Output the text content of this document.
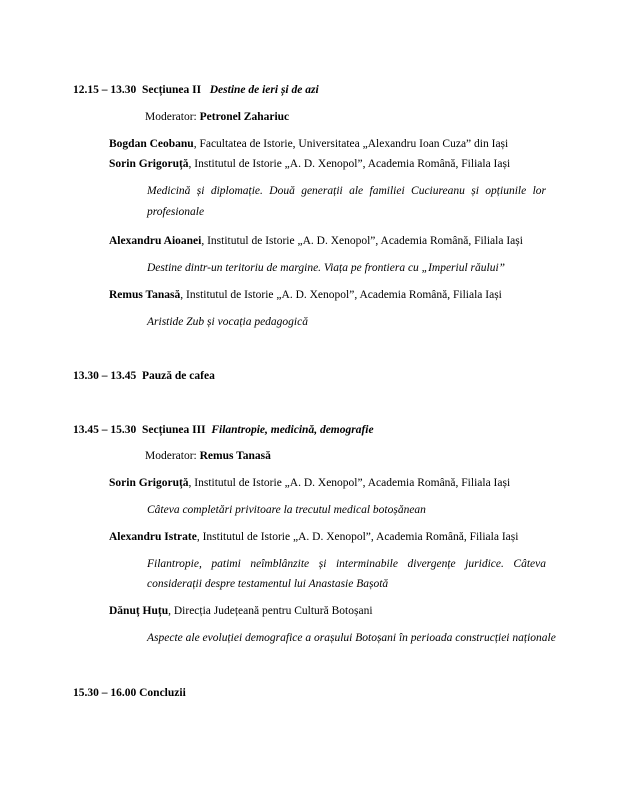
12.15 – 13.30 Secțiunea II Destine de ieri și de azi
Moderator: Petronel Zahariuc
Bogdan Ceobanu, Facultatea de Istorie, Universitatea „Alexandru Ioan Cuza” din Iași
Sorin Grigoruță, Institutul de Istorie „A. D. Xenopol”, Academia Română, Filiala Iași
Medicină și diplomație. Două generații ale familiei Cuciureanu și opțiunile lor
profesionale
Alexandru Aioanei, Institutul de Istorie „A. D. Xenopol”, Academia Română, Filiala Iași
Destine dintr-un teritoriu de margine. Viața pe frontiera cu „Imperiul răului”
Remus Tanasă, Institutul de Istorie „A. D. Xenopol”, Academia Română, Filiala Iași
Aristide Zub și vocația pedagogică
13.30 – 13.45 Pauză de cafea
13.45 – 15.30 Secțiunea III Filantropie, medicină, demografie
Moderator: Remus Tanasă
Sorin Grigoruță, Institutul de Istorie „A. D. Xenopol”, Academia Română, Filiala Iași
Câteva completări privitoare la trecutul medical botoșănean
Alexandru Istrate, Institutul de Istorie „A. D. Xenopol”, Academia Română, Filiala Iași
Filantropie, patimi neîmblânzite și interminabile divergențe juridice. Câteva
considerații despre testamentul lui Anastasie Bașotă
Dănuț Huțu, Direcția Județeană pentru Cultură Botoșani
Aspecte ale evoluției demografice a orașului Botoșani în perioada construcției naționale
15.30 – 16.00 Concluzii
